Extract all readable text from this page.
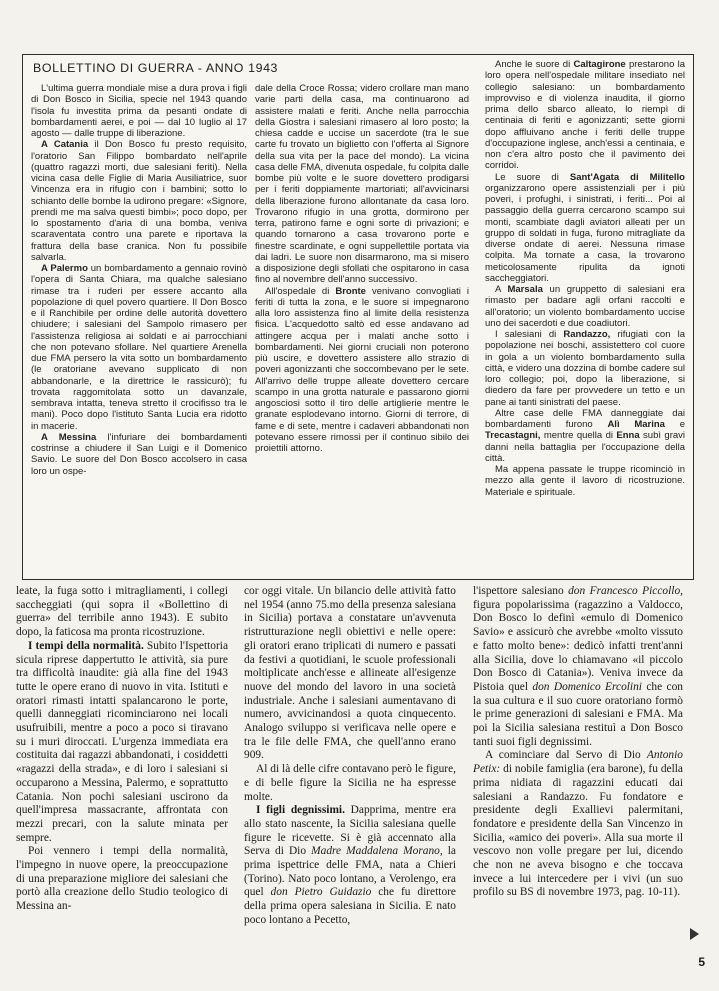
BOLLETTINO DI GUERRA - ANNO 1943

L'ultima guerra mondiale mise a dura prova i figli di Don Bosco in Sicilia, specie nel 1943 quando l'isola fu investita prima da pesanti ondate di bombardamenti aerei, e poi — dal 10 luglio al 17 agosto — dalle truppe di liberazione.

A Catania il Don Bosco fu presto requisito, l'oratorio San Filippo bombardato nell'aprile (quattro ragazzi morti, due salesiani feriti). Nella vicina casa delle Figlie di Maria Ausiliatrice, suor Vincenza era in rifugio con i bambini; sotto lo schianto delle bombe la udirono pregare: «Signore, prendi me ma salva questi bimbi»; poco dopo, per lo spostamento d'aria di una bomba, veniva scaraventata contro una parete e riportava la frattura della base cranica. Non fu possibile salvarla.

A Palermo un bombardamento a gennaio rovinò l'opera di Santa Chiara, ma qualche salesiano rimase tra i ruderi per essere accanto alla popolazione di quel povero quartiere. Il Don Bosco e il Ranchibile per ordine delle autorità dovettero chiudere; i salesiani del Sampolo rimasero per l'assistenza religiosa ai soldati e ai parrocchiani che non potevano sfollare. Nel quartiere Arenella due FMA persero la vita sotto un bombardamento (le oratoriane avevano supplicato di non abbandonarle, e la direttrice le rassicurò); fu trovata raggomitolata sotto un davanzale, sembrava intatta, teneva stretto il crocifisso tra le mani). Poco dopo l'istituto Santa Lucia era ridotto in macerie.

A Messina l'infuriare dei bombardamenti costrinse a chiudere il San Luigi e il Domenico Savio. Le suore del Don Bosco accolsero in casa loro un ospe-

dale della Croce Rossa; videro crollare man mano varie parti della casa, ma continuarono ad assistere malati e feriti. Anche nella parrocchia della Giostra i salesiani rimasero al loro posto; la chiesa cadde e uccise un sacerdote (tra le sue carte fu trovato un biglietto con l'offerta al Signore della sua vita per la pace del mondo). La vicina casa delle FMA, divenuta ospedale, fu colpita dalle bombe più volte e le suore dovettero prodigarsi per i feriti doppiamente martoriati; all'avvicinarsi della liberazione furono allontanate da casa loro. Trovarono rifugio in una grotta, dormirono per terra, patirono fame e ogni sorte di privazioni; e quando tornarono a casa trovarono porte e finestre scardinate, e ogni suppellettile portata via dai ladri. Le suore non disarmarono, ma si misero a disposizione degli sfollati che ospitarono in casa fino al novembre dell'anno successivo.

All'ospedale di Bronte venivano convogliati i feriti di tutta la zona, e le suore si impegnarono alla loro assistenza fino al limite della resistenza fisica. L'acquedotto saltò ed esse andavano ad attingere acqua per i malati anche sotto i bombardamenti. Nei giorni cruciali non poterono più uscire, e dovettero assistere allo strazio di poveri agonizzanti che soccombevano per le sete. All'arrivo delle truppe alleate dovettero cercare scampo in una grotta naturale e passarono giorni angosciosi sotto il tiro delle artiglierie mentre le granate esplodevano intorno. Giorni di terrore, di fame e di sete, mentre i cadaveri abbandonati non potevano essere rimossi per il continuo sibilo dei proiettili attorno.

Anche le suore di Caltagirone prestarono la loro opera nell'ospedale militare insediato nel collegio salesiano: un bombardamento improvviso e di violenza inaudita, il giorno prima dello sbarco alleato, lo riempì di centinaia di feriti e agonizzanti; sette giorni dopo affluivano anche i feriti delle truppe d'occupazione inglese, anch'essi a centinaia, e non c'era altro posto che il pavimento dei corridoi.

Le suore di Sant'Agata di Militello organizzarono opere assistenziali per i più poveri, i profughi, i sinistrati, i feriti... Poi al passaggio della guerra cercarono scampo sui monti, scambiate dagli aviatori alleati per un gruppo di soldati in fuga, furono mitragliate da diverse ondate di aerei. Nessuna rimase colpita. Ma tornate a casa, la trovarono meticolosamente ripulita da ignoti saccheggiatori.

A Marsala un gruppetto di salesiani era rimasto per badare agli orfani raccolti e all'oratorio; un violento bombardamento uccise uno dei sacerdoti e due coadiutori.

I salesiani di Randazzo, rifugiati con la popolazione nei boschi, assistettero col cuore in gola a un violento bombardamento sulla città, e videro una dozzina di bombe cadere sul loro collegio; poi, dopo la liberazione, si diedero da fare per provvedere un tetto e un pane ai tanti sinistrati del paese.

Altre case delle FMA danneggiate dai bombardamenti furono Alì Marina e Trecastagni, mentre quella di Enna subì gravi danni nella battaglia per l'occupazione della città.

Ma appena passate le truppe ricominciò in mezzo alla gente il lavoro di ricostruzione. Materiale e spirituale.

leate, la fuga sotto i mitragliamenti, i collegi saccheggiati (qui sopra il «Bollettino di guerra» del terribile anno 1943). E subito dopo, la faticosa ma pronta ricostruzione.

I tempi della normalità. Subito l'Ispettoria sicula riprese dappertutto le attività, sia pure tra difficoltà inaudite: già alla fine del 1943 tutte le opere erano di nuovo in vita. Istituti e oratori rimasti intatti spalancarono le porte, quelli danneggiati ricominciarono nei locali usufruibili, mentre a poco a poco si tiravano su i muri diroccati. L'urgenza immediata era costituita dai ragazzi abbandonati, i cosiddetti «ragazzi della strada», e di loro i salesiani si occuparono a Messina, Palermo, e soprattutto Catania. Non pochi salesiani uscirono da quell'impresa massacrante, affrontata con mezzi precari, con la salute minata per sempre.

Poi vennero i tempi della normalità, l'impegno in nuove opere, la preoccupazione di una preparazione migliore dei salesiani che portò alla creazione dello Studio teologico di Messina an-

cor oggi vitale. Un bilancio delle attività fatto nel 1954 (anno 75.mo della presenza salesiana in Sicilia) portava a constatare un'avvenuta ristrutturazione negli obiettivi e nelle opere: gli oratori erano triplicati di numero e passati da festivi a quotidiani, le scuole professionali moltiplicate anch'esse e allineate all'esigenze nuove del mondo del lavoro in una società industriale. Anche i salesiani aumentavano di numero, avvicinandosi a quota cinquecento. Analogo sviluppo si verificava nelle opere e tra le file delle FMA, che quell'anno erano 909.

Al di là delle cifre contavano però le figure, e di belle figure la Sicilia ne ha espresse molte.

I figli degnissimi. Dapprima, mentre era allo stato nascente, la Sicilia salesiana quelle figure le ricevette. Si è già accennato alla Serva di Dio Madre Maddalena Morano, la prima ispettrice delle FMA, nata a Chieri (Torino). Nato poco lontano, a Verolengo, era quel don Pietro Guidazio che fu direttore della prima opera salesiana in Sicilia. E nato poco lontano a Pecetto,

l'ispettore salesiano don Francesco Piccollo, figura popolarissima (ragazzino a Valdocco, Don Bosco lo definì «emulo di Domenico Savio» e assicurò che avrebbe «molto vissuto e fatto molto bene»: dedicò infatti trent'anni alla Sicilia, dove lo chiamavano «il piccolo Don Bosco di Catania»). Veniva invece da Pistoia quel don Domenico Ercolini che con la sua cultura e il suo cuore oratoriano formò le prime generazioni di salesiani e FMA. Ma poi la Sicilia salesiana restituì a Don Bosco tanti suoi figli degnissimi.

A cominciare dal Servo di Dio Antonio Petix: di nobile famiglia (era barone), fu della prima nidiata di ragazzini educati dai salesiani a Randazzo. Fu fondatore e presidente degli Exallievi palermitani, fondatore e presidente della San Vincenzo in Sicilia, «amico dei poveri». Alla sua morte il vescovo non volle pregare per lui, dicendo che non ne aveva bisogno e che toccava invece a lui intercedere per i vivi (un suo profilo su BS di novembre 1973, pag. 10-11).

5
